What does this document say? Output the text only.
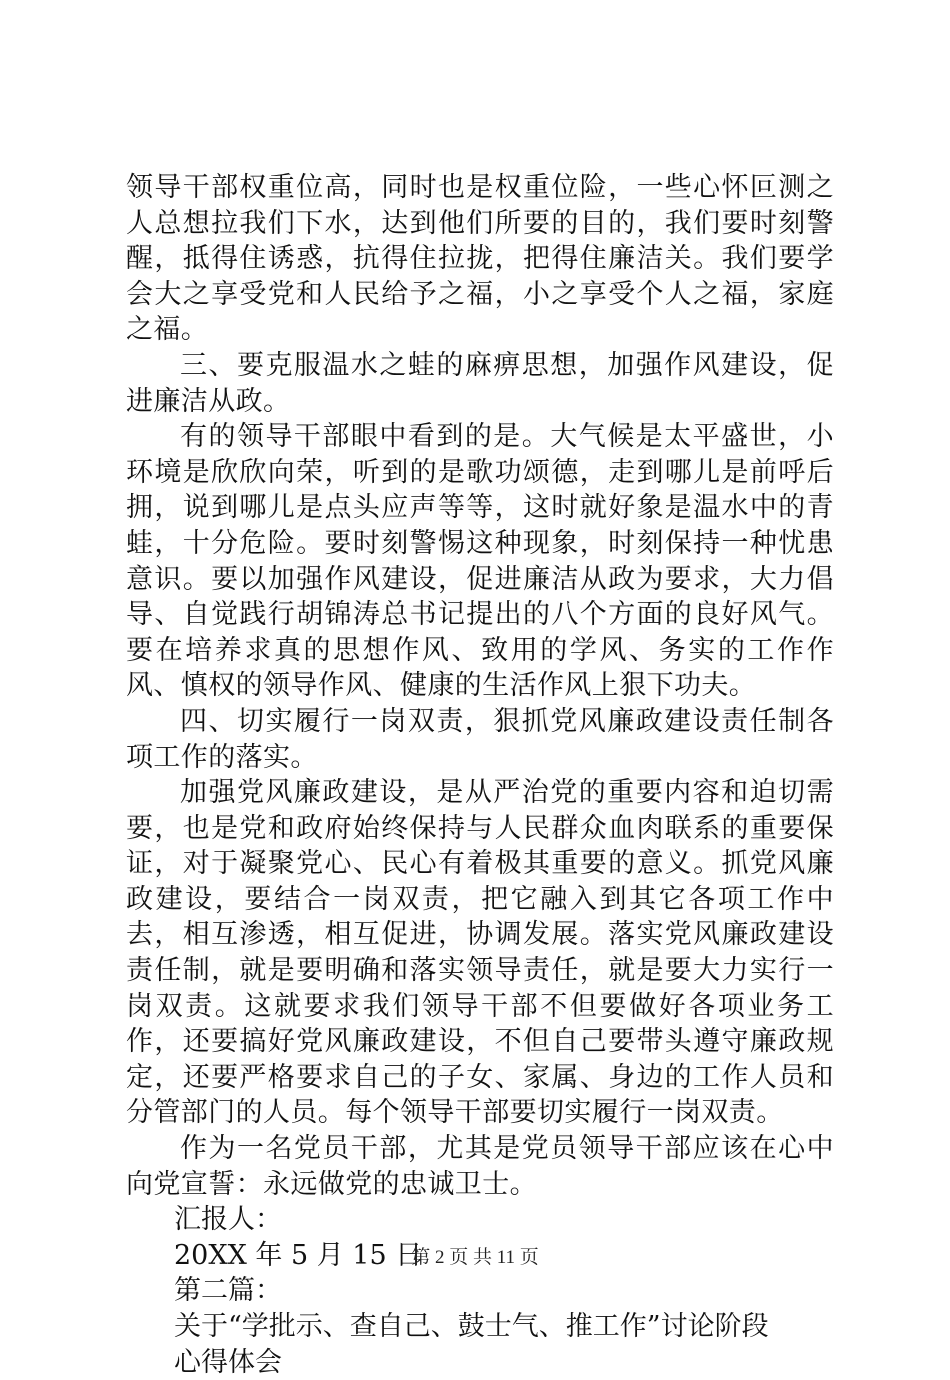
领导干部权重位高，同时也是权重位险，一些心怀叵测之人总想拉我们下水，达到他们所要的目的，我们要时刻警醒，抵得住诱惑，抗得住拉拢，把得住廉洁关。我们要学会大之享受党和人民给予之福，小之享受个人之福，家庭之福。

三、要克服温水之蛙的麻痹思想，加强作风建设，促进廉洁从政。

有的领导干部眼中看到的是。大气候是太平盛世，小环境是欣欣向荣，听到的是歌功颂德，走到哪儿是前呼后拥，说到哪儿是点头应声等等，这时就好象是温水中的青蛙，十分危险。要时刻警惕这种现象，时刻保持一种忧患意识。要以加强作风建设，促进廉洁从政为要求，大力倡导、自觉践行胡锦涛总书记提出的八个方面的良好风气。要在培养求真的思想作风、致用的学风、务实的工作作风、慎权的领导作风、健康的生活作风上狠下功夫。

四、切实履行一岗双责，狠抓党风廉政建设责任制各项工作的落实。

加强党风廉政建设，是从严治党的重要内容和迫切需要，也是党和政府始终保持与人民群众血肉联系的重要保证，对于凝聚党心、民心有着极其重要的意义。抓党风廉政建设，要结合一岗双责，把它融入到其它各项工作中去，相互渗透，相互促进，协调发展。落实党风廉政建设责任制，就是要明确和落实领导责任，就是要大力实行一岗双责。这就要求我们领导干部不但要做好各项业务工作，还要搞好党风廉政建设，不但自己要带头遵守廉政规定，还要严格要求自己的子女、家属、身边的工作人员和分管部门的人员。每个领导干部要切实履行一岗双责。

作为一名党员干部，尤其是党员领导干部应该在心中向党宣誓：永远做党的忠诚卫士。

汇报人：

20XX 年 5 月 15 日

第二篇：

关于“学批示、查自己、鼓士气、推工作”讨论阶段

心得体会

第 2 页 共 11 页
